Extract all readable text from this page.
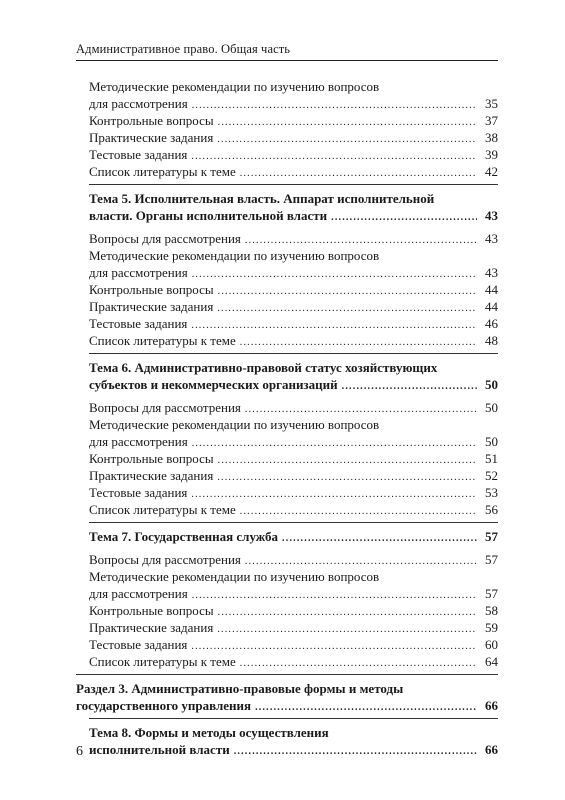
Административное право. Общая часть
Методические рекомендации по изучению вопросов
для рассмотрения .....	35
Контрольные вопросы .....	37
Практические задания .....	38
Тестовые задания .....	39
Список литературы к теме .....	42
Тема 5. Исполнительная власть. Аппарат исполнительной
власти. Органы исполнительной власти .....	43
Вопросы для рассмотрения .....	43
Методические рекомендации по изучению вопросов
для рассмотрения .....	43
Контрольные вопросы .....	44
Практические задания .....	44
Тестовые задания .....	46
Список литературы к теме .....	48
Тема 6. Административно-правовой статус хозяйствующих
субъектов и некоммерческих организаций .....	50
Вопросы для рассмотрения .....	50
Методические рекомендации по изучению вопросов
для рассмотрения .....	50
Контрольные вопросы .....	51
Практические задания .....	52
Тестовые задания .....	53
Список литературы к теме .....	56
Тема 7. Государственная служба .....	57
Вопросы для рассмотрения .....	57
Методические рекомендации по изучению вопросов
для рассмотрения .....	57
Контрольные вопросы .....	58
Практические задания .....	59
Тестовые задания .....	60
Список литературы к теме .....	64
Раздел 3. Административно-правовые формы и методы
государственного управления .....	66
Тема 8. Формы и методы осуществления
исполнительной власти .....	66
6
